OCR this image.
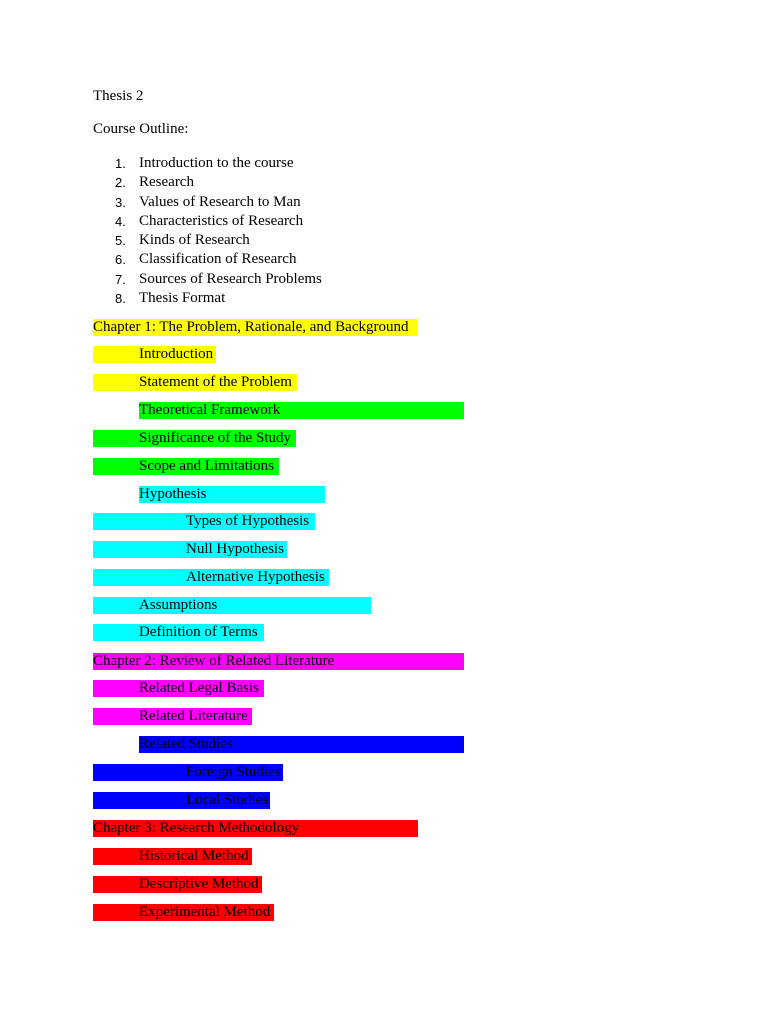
Thesis 2
Course Outline:
1. Introduction to the course
2. Research
3. Values of Research to Man
4. Characteristics of Research
5. Kinds of Research
6. Classification of Research
7. Sources of Research Problems
8. Thesis Format
Chapter 1: The Problem, Rationale, and Background
Introduction
Statement of the Problem
Theoretical Framework
Significance of the Study
Scope and Limitations
Hypothesis
Types of Hypothesis
Null Hypothesis
Alternative Hypothesis
Assumptions
Definition of Terms
Chapter 2: Review of Related Literature
Related Legal Basis
Related Literature
Related Studies
Foreign Studies
Local Studies
Chapter 3: Research Methodology
Historical Method
Descriptive Method
Experimental Method
